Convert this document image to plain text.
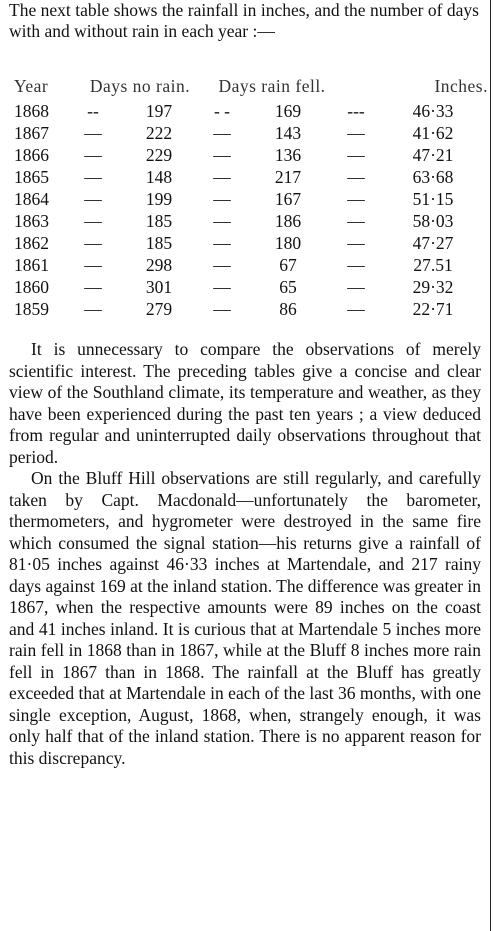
The next table shows the rainfall in inches, and the number of days with and without rain in each year :—
Year	Days no rain.		Days rain fell.		Inches.	
1868	--	197	- -	169	---	46·33
1867	—	222	—	143	—	41·62
1866	—	229	—	136	—	47·21
1865	—	148	—	217	—	63·68
1864	—	199	—	167	—	51·15
1863	—	185	—	186	—	58·03
1862	—	185	—	180	—	47·27
1861	—	298	—	67	—	27.51
1860	—	301	—	65	—	29·32
1859	—	279	—	86	—	22·71

It is unnecessary to compare the observations of merely scientific interest. The preceding tables give a concise and clear view of the Southland climate, its temperature and weather, as they have been experienced during the past ten years ; a view deduced from regular and uninterrupted daily observations throughout that period.

On the Bluff Hill observations are still regularly, and carefully taken by Capt. Macdonald—unfortunately the barometer, thermometers, and hygrometer were destroyed in the same fire which consumed the signal station—his returns give a rainfall of 81·05 inches against 46·33 inches at Martendale, and 217 rainy days against 169 at the inland station. The difference was greater in 1867, when the respective amounts were 89 inches on the coast and 41 inches inland. It is curious that at Martendale 5 inches more rain fell in 1868 than in 1867, while at the Bluff 8 inches more rain fell in 1867 than in 1868. The rainfall at the Bluff has greatly exceeded that at Martendale in each of the last 36 months, with one single exception, August, 1868, when, strangely enough, it was only half that of the inland station. There is no apparent reason for this discrepancy.
